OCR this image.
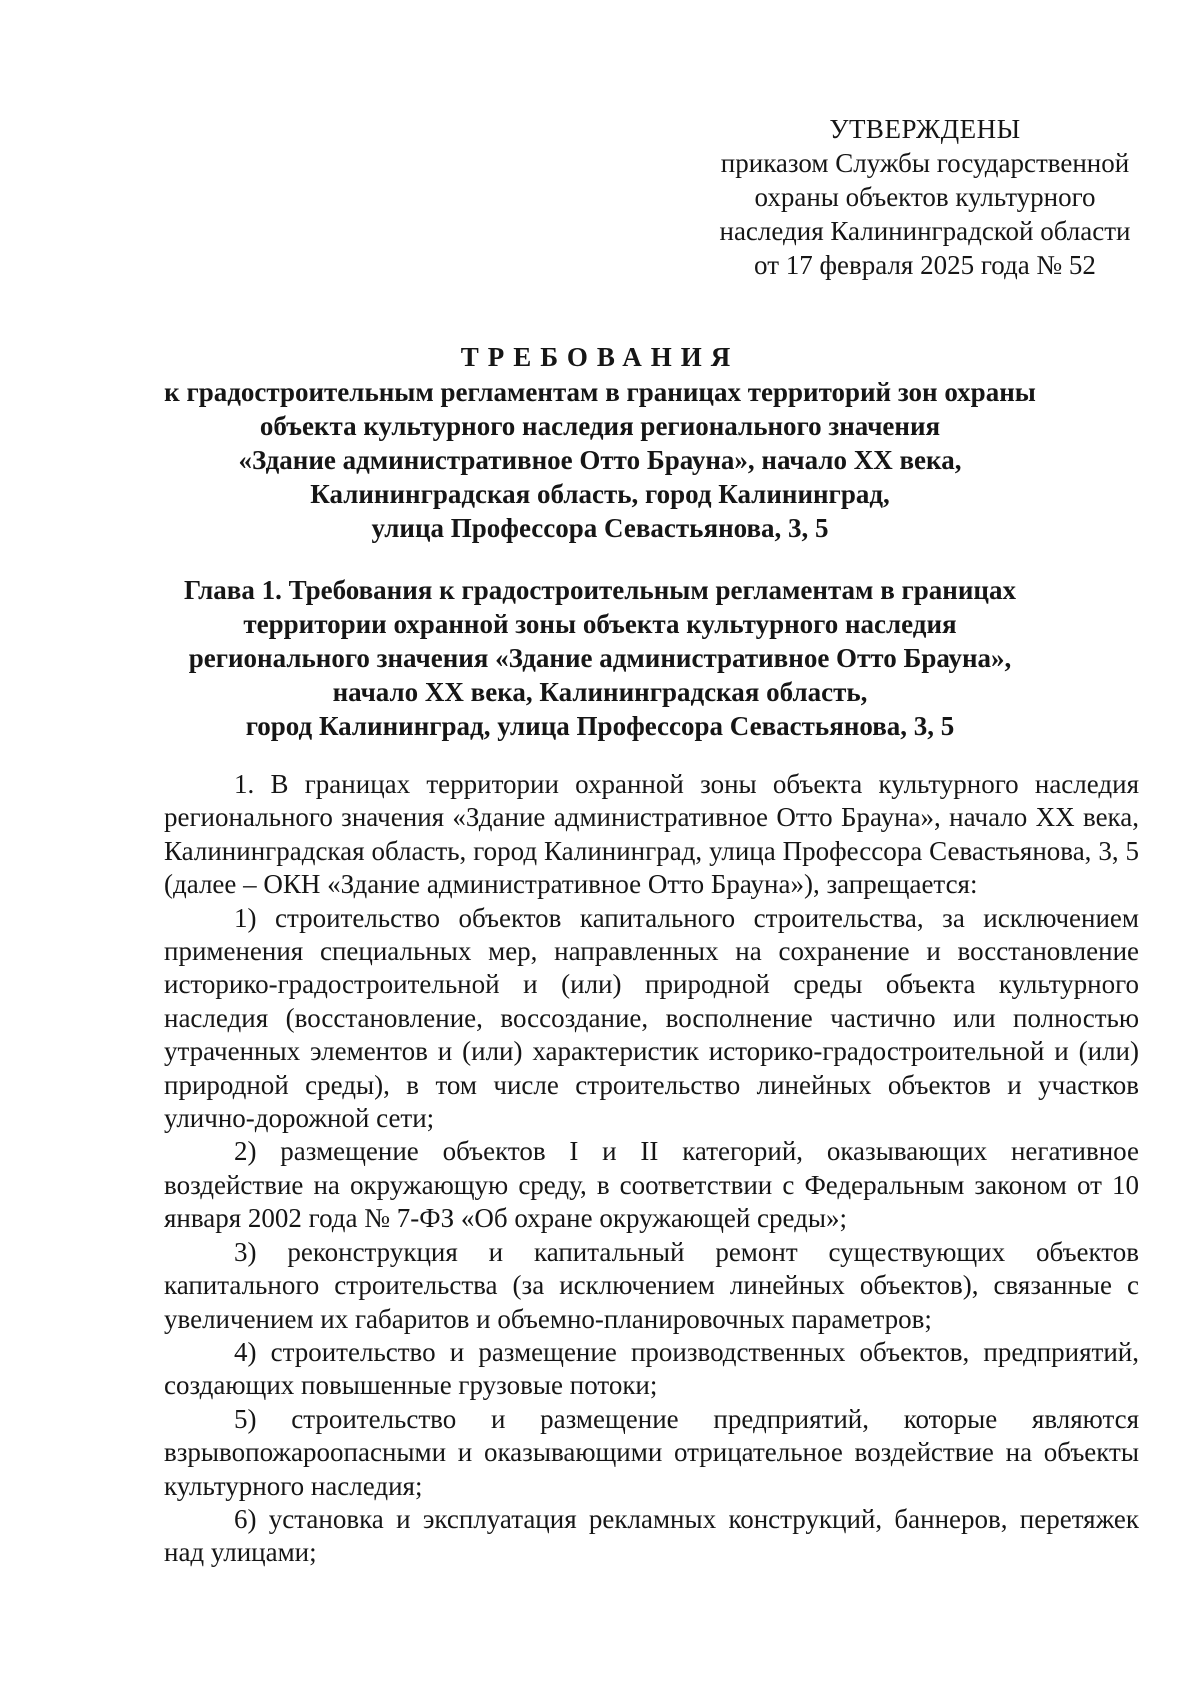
УТВЕРЖДЕНЫ
приказом Службы государственной
охраны объектов культурного
наследия Калининградской области
от 17 февраля 2025 года № 52
ТРЕБОВАНИЯ
к градостроительным регламентам в границах территорий зон охраны
объекта культурного наследия регионального значения
«Здание административное Отто Брауна», начало XX века,
Калининградская область, город Калининград,
улица Профессора Севастьянова, 3, 5
Глава 1. Требования к градостроительным регламентам в границах
территории охранной зоны объекта культурного наследия
регионального значения «Здание административное Отто Брауна»,
начало XX века, Калининградская область,
город Калининград, улица Профессора Севастьянова, 3, 5

1. В границах территории охранной зоны объекта культурного наследия регионального значения «Здание административное Отто Брауна», начало XX века, Калининградская область, город Калининград, улица Профессора Севастьянова, 3, 5 (далее – ОКН «Здание административное Отто Брауна»), запрещается:

1) строительство объектов капитального строительства, за исключением применения специальных мер, направленных на сохранение и восстановление историко-градостроительной и (или) природной среды объекта культурного наследия (восстановление, воссоздание, восполнение частично или полностью утраченных элементов и (или) характеристик историко-градостроительной и (или) природной среды), в том числе строительство линейных объектов и участков улично-дорожной сети;

2) размещение объектов I и II категорий, оказывающих негативное воздействие на окружающую среду, в соответствии с Федеральным законом от 10 января 2002 года № 7-ФЗ «Об охране окружающей среды»;

3) реконструкция и капитальный ремонт существующих объектов капитального строительства (за исключением линейных объектов), связанные с увеличением их габаритов и объемно-планировочных параметров;

4) строительство и размещение производственных объектов, предприятий, создающих повышенные грузовые потоки;

5) строительство и размещение предприятий, которые являются взрывопожароопасными и оказывающими отрицательное воздействие на объекты культурного наследия;

6) установка и эксплуатация рекламных конструкций, баннеров, перетяжек над улицами;
